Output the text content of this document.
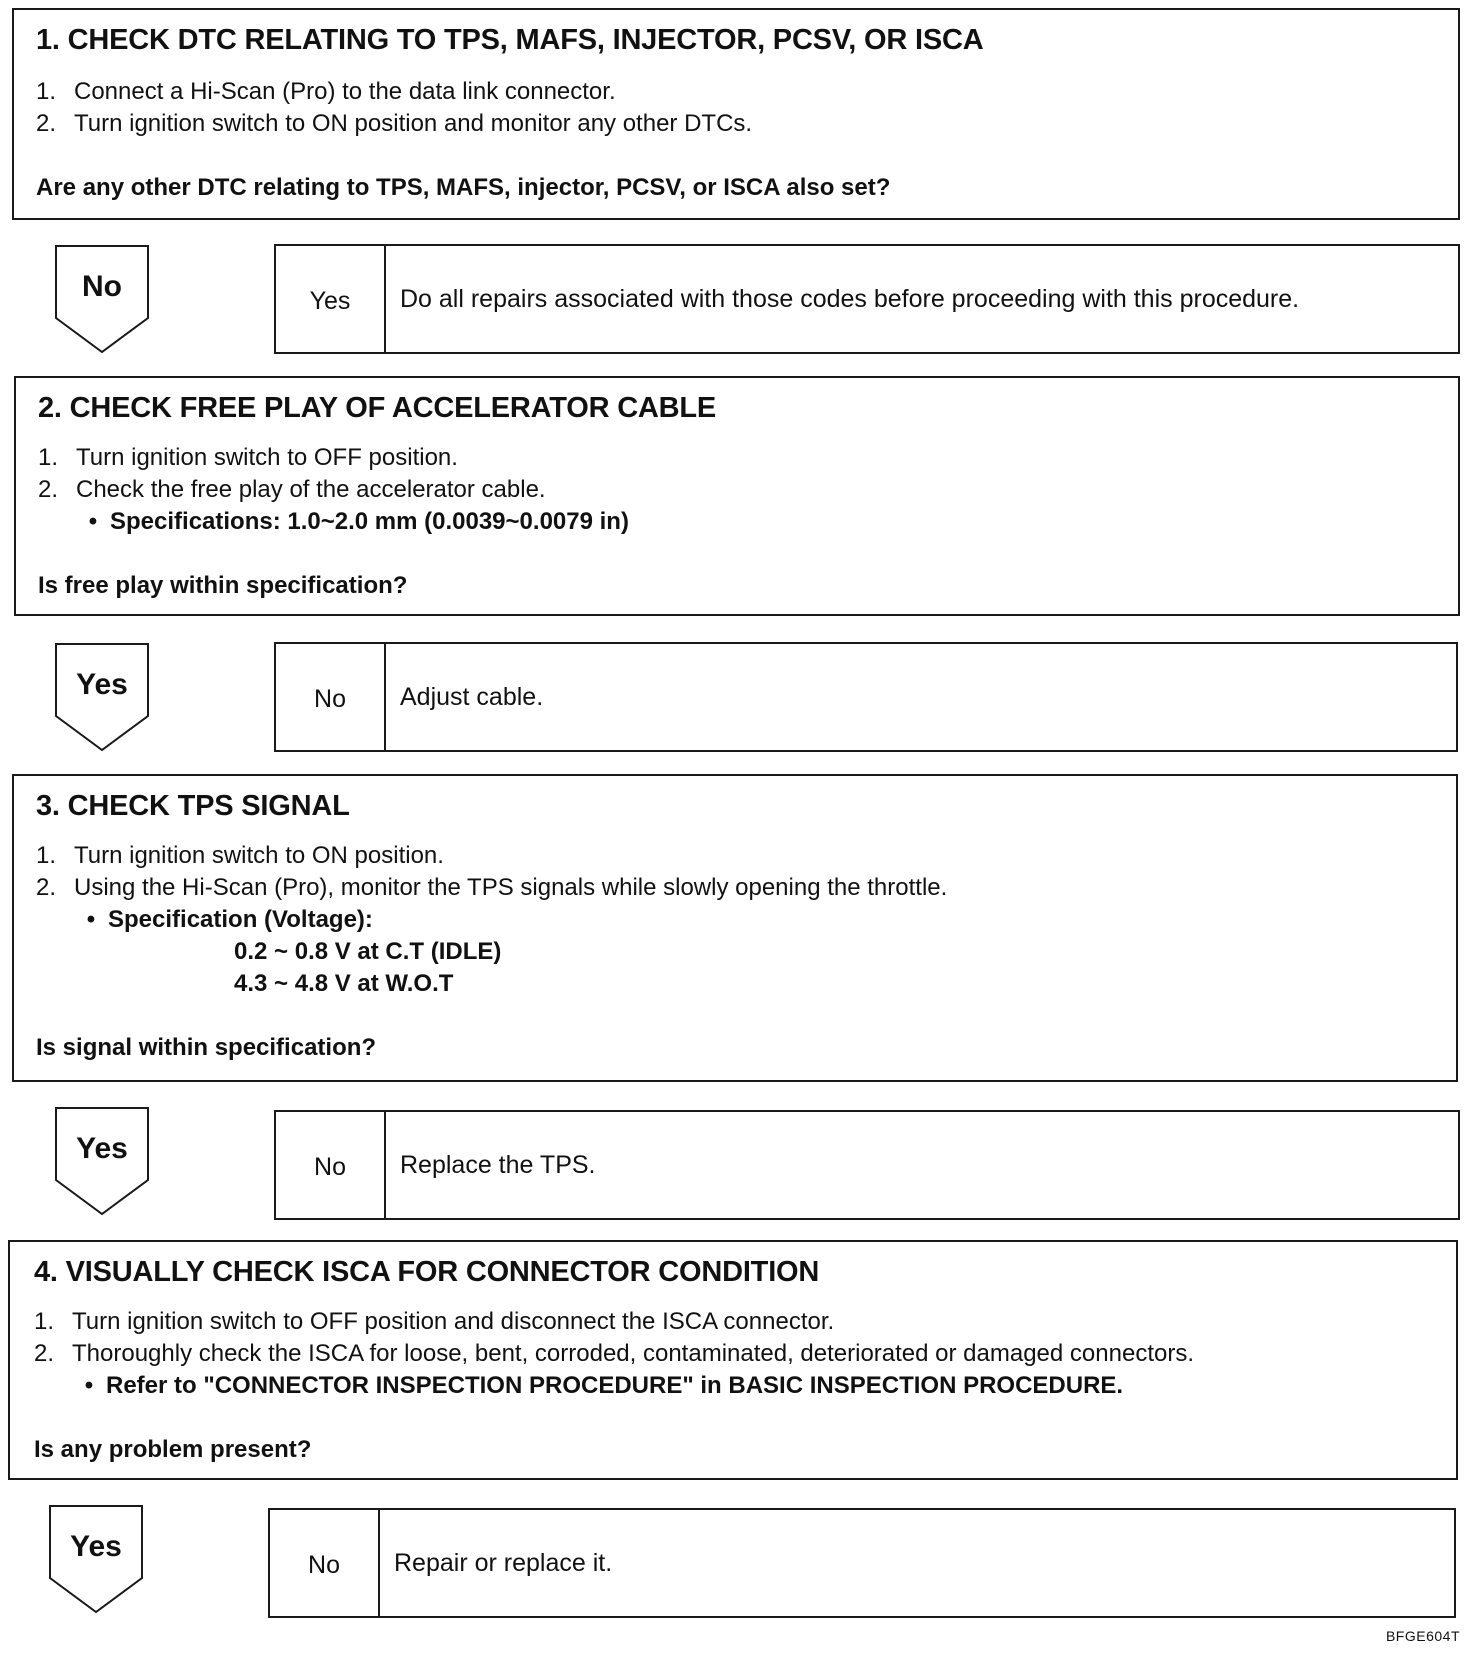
1. CHECK DTC RELATING TO TPS, MAFS, INJECTOR, PCSV, OR ISCA
1. Connect a Hi-Scan (Pro) to the data link connector.
2. Turn ignition switch to ON position and monitor any other DTCs.
Are any other DTC relating to TPS, MAFS, injector, PCSV, or ISCA also set?
No	Yes	Do all repairs associated with those codes before proceeding with this procedure.
2. CHECK FREE PLAY OF ACCELERATOR CABLE
1. Turn ignition switch to OFF position.
2. Check the free play of the accelerator cable.
• Specifications: 1.0~2.0 mm (0.0039~0.0079 in)
Is free play within specification?
Yes	No	Adjust cable.
3. CHECK TPS SIGNAL
1. Turn ignition switch to ON position.
2. Using the Hi-Scan (Pro), monitor the TPS signals while slowly opening the throttle.
• Specification (Voltage):
0.2 ~ 0.8 V at C.T (IDLE)
4.3 ~ 4.8 V at W.O.T
Is signal within specification?
Yes
No	Replace the TPS.
4. VISUALLY CHECK ISCA FOR CONNECTOR CONDITION
1. Turn ignition switch to OFF position and disconnect the ISCA connector.
2. Thoroughly check the ISCA for loose, bent, corroded, contaminated, deteriorated or damaged connectors.
• Refer to "CONNECTOR INSPECTION PROCEDURE" in BASIC INSPECTION PROCEDURE.
Is any problem present?
Yes
No	Repair or replace it.
BFGE604T
